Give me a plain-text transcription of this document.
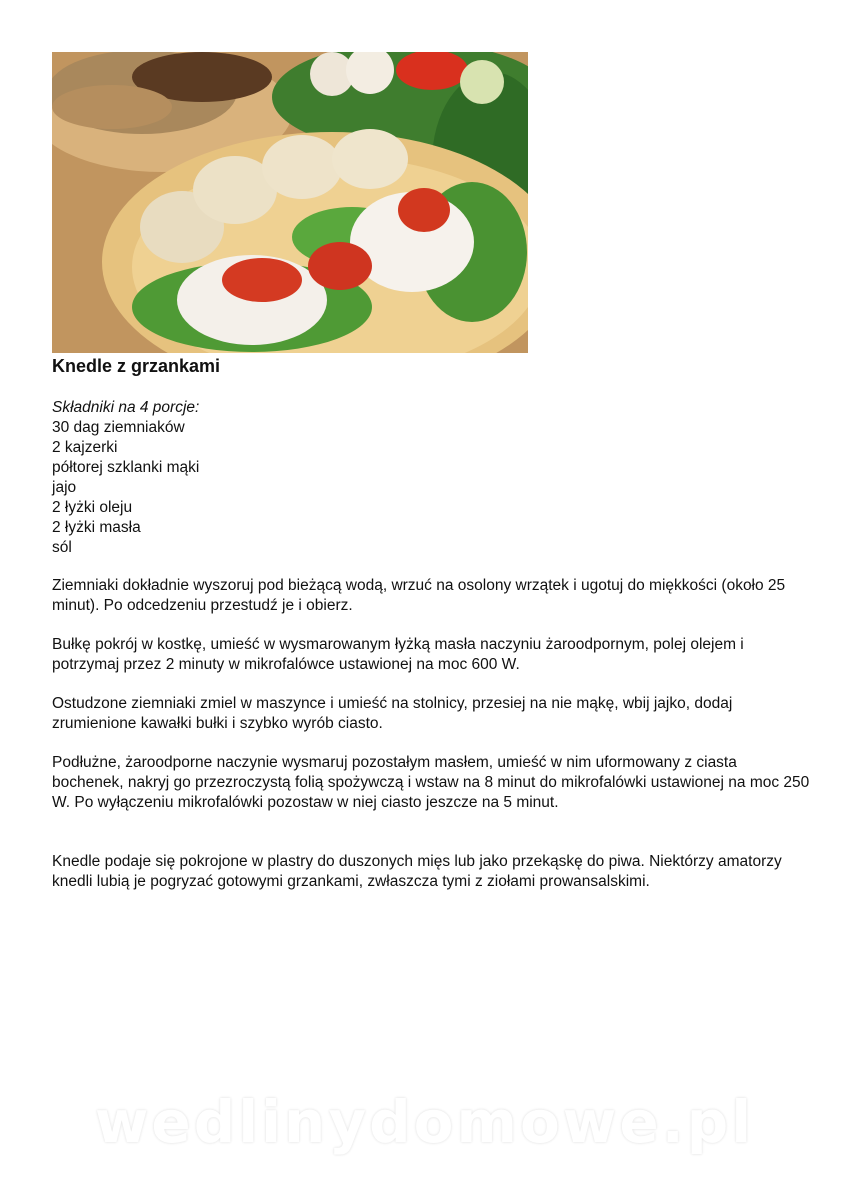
Knedle z grzankami
Składniki na 4 porcje:
30 dag ziemniaków
2 kajzerki
półtorej szklanki mąki
jajo
2 łyżki oleju
2 łyżki masła
sól

Ziemniaki dokładnie wyszoruj pod bieżącą wodą, wrzuć na osolony wrzątek i ugotuj do miękkości (około 25 minut). Po odcedzeniu przestudź je i obierz.

Bułkę pokrój w kostkę, umieść w wysmarowanym łyżką masła naczyniu żaroodpornym, polej olejem i potrzymaj przez 2 minuty w mikrofalówce ustawionej na moc 600 W.

Ostudzone ziemniaki zmiel w maszynce i umieść na stolnicy, przesiej na nie mąkę, wbij jajko, dodaj zrumienione kawałki bułki i szybko wyrób ciasto.

Podłużne, żaroodporne naczynie wysmaruj pozostałym masłem, umieść w nim uformowany z ciasta bochenek, nakryj go przezroczystą folią spożywczą i wstaw na 8 minut do mikrofalówki ustawionej na moc 250 W. Po wyłączeniu mikrofalówki pozostaw w niej ciasto jeszcze na 5 minut.

Knedle podaje się pokrojone w plastry do duszonych mięs lub jako przekąskę do piwa. Niektórzy amatorzy knedli lubią je pogryzać gotowymi grzankami, zwłaszcza tymi z ziołami prowansalskimi.

wedlinydomowe.pl
